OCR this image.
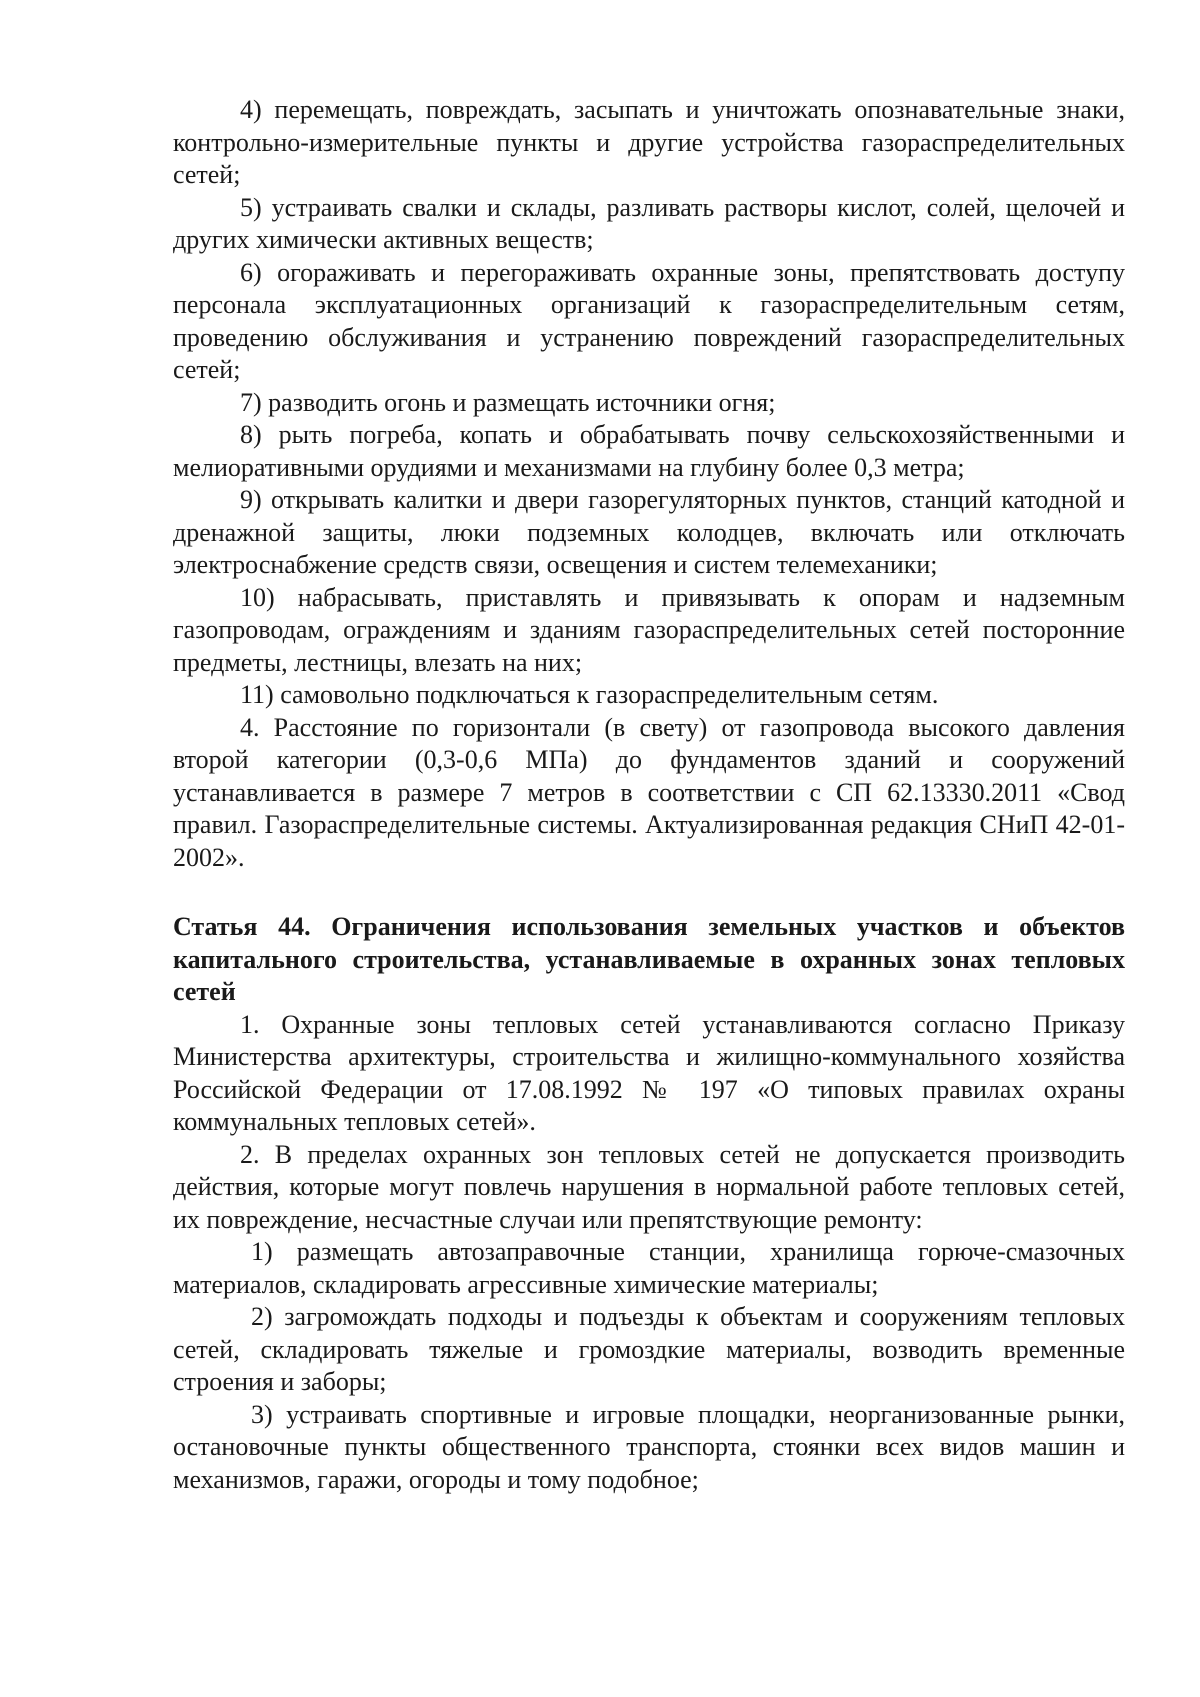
4) перемещать, повреждать, засыпать и уничтожать опознавательные знаки, контрольно-измерительные пункты и другие устройства газораспределительных сетей;

5) устраивать свалки и склады, разливать растворы кислот, солей, щелочей и других химически активных веществ;

6) огораживать и перегораживать охранные зоны, препятствовать доступу персонала эксплуатационных организаций к газораспределительным сетям, проведению обслуживания и устранению повреждений газораспределительных сетей;

7) разводить огонь и размещать источники огня;

8) рыть погреба, копать и обрабатывать почву сельскохозяйственными и мелиоративными орудиями и механизмами на глубину более 0,3 метра;

9) открывать калитки и двери газорегуляторных пунктов, станций катодной и дренажной защиты, люки подземных колодцев, включать или отключать электроснабжение средств связи, освещения и систем телемеханики;

10) набрасывать, приставлять и привязывать к опорам и надземным газопроводам, ограждениям и зданиям газораспределительных сетей посторонние предметы, лестницы, влезать на них;

11) самовольно подключаться к газораспределительным сетям.

4. Расстояние по горизонтали (в свету) от газопровода высокого давления второй категории (0,3-0,6 МПа) до фундаментов зданий и сооружений устанавливается в размере 7 метров в соответствии с СП 62.13330.2011 «Свод правил. Газораспределительные системы. Актуализированная редакция СНиП 42-01-2002».

Статья 44. Ограничения использования земельных участков и объектов капитального строительства, устанавливаемые в охранных зонах тепловых сетей

1. Охранные зоны тепловых сетей устанавливаются согласно Приказу Министерства архитектуры, строительства и жилищно-коммунального хозяйства Российской Федерации от 17.08.1992 № 197 «О типовых правилах охраны коммунальных тепловых сетей».

2. В пределах охранных зон тепловых сетей не допускается производить действия, которые могут повлечь нарушения в нормальной работе тепловых сетей, их повреждение, несчастные случаи или препятствующие ремонту:

1) размещать автозаправочные станции, хранилища горюче-смазочных материалов, складировать агрессивные химические материалы;

2) загромождать подходы и подъезды к объектам и сооружениям тепловых сетей, складировать тяжелые и громоздкие материалы, возводить временные строения и заборы;

3) устраивать спортивные и игровые площадки, неорганизованные рынки, остановочные пункты общественного транспорта, стоянки всех видов машин и механизмов, гаражи, огороды и тому подобное;
